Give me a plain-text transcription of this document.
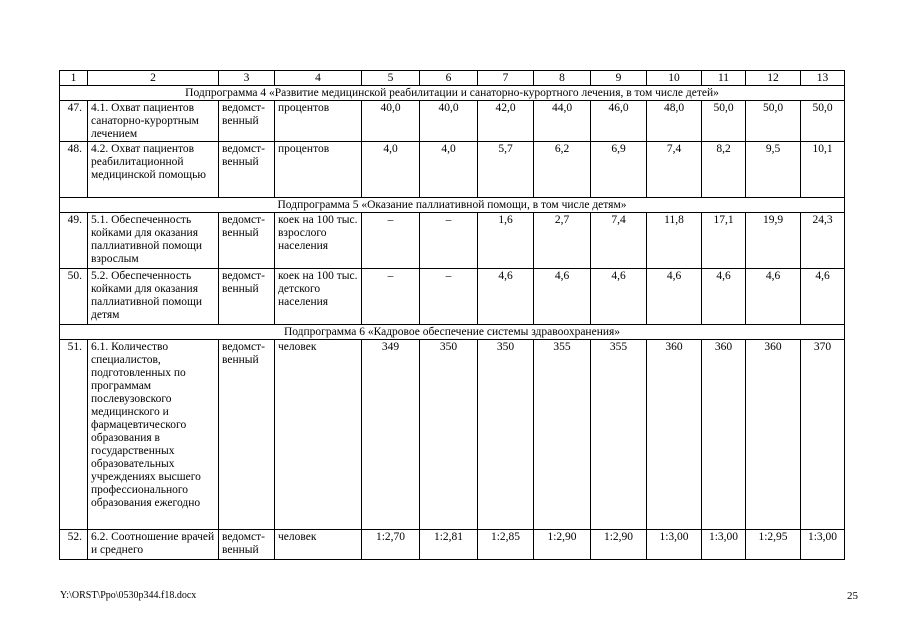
1	2	3	4	5	6	7	8	9	10	11	12	13
Подпрограмма 4 «Развитие медицинской реабилитации и санаторно-курортного лечения, в том числе детей»												
47.	4.1. Охват пациентов санаторно-курортным лечением	ведомст-венный	процентов	40,0	40,0	42,0	44,0	46,0	48,0	50,0	50,0	50,0
48.	4.2. Охват пациентов реабилитационной медицинской помощью	ведомст-венный	процентов	4,0	4,0	5,7	6,2	6,9	7,4	8,2	9,5	10,1
Подпрограмма 5 «Оказание паллиативной помощи, в том числе детям»												
49.	5.1. Обеспеченность койками для оказания паллиативной помощи взрослым	ведомст-венный	коек на 100 тыс. взрослого населения	–	–	1,6	2,7	7,4	11,8	17,1	19,9	24,3
50.	5.2. Обеспеченность койками для оказания паллиативной помощи детям	ведомст-венный	коек на 100 тыс. детского населения	–	–	4,6	4,6	4,6	4,6	4,6	4,6	4,6
Подпрограмма 6 «Кадровое обеспечение системы здравоохранения»												
51.	6.1. Количество специалистов, подготовленных по программам послевузовского медицинского и фармацевтического образования в государственных образовательных учреждениях высшего профессионального образования ежегодно	ведомст-венный	человек	349	350	350	355	355	360	360	360	370
52.	6.2. Соотношение врачей и среднего	ведомст-венный	человек	1:2,70	1:2,81	1:2,85	1:2,90	1:2,90	1:3,00	1:3,00	1:2,95	1:3,00
Y:\ORST\Ppo\0530p344.f18.docx	25
